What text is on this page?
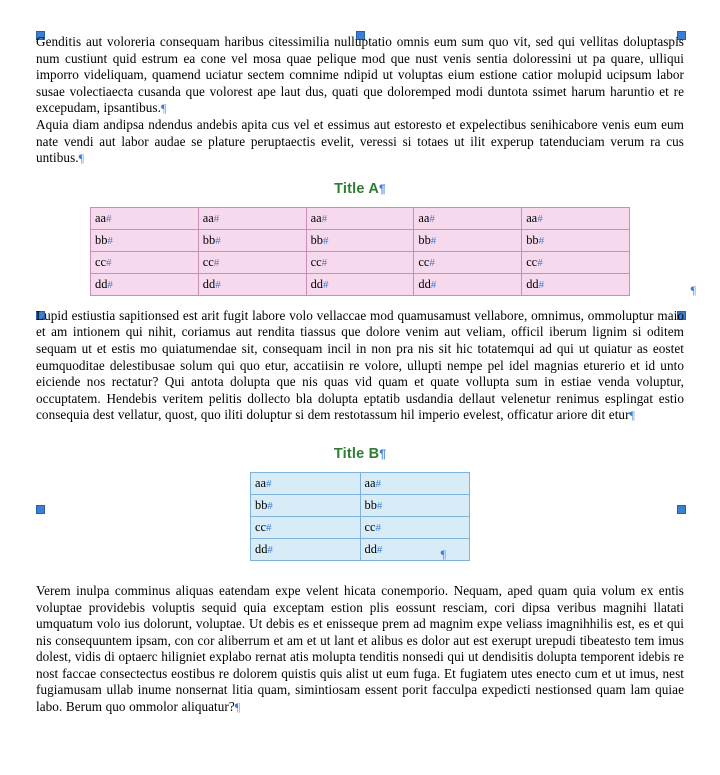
Genditis aut voloreria consequam haribus citessimilia nulluptatio omnis eum sum quo vit, sed qui vellitas doluptaspis num custiunt quid estrum ea cone vel mosa quae pelique mod que nust venis sentia doloressini ut pa quare, ulliqui imporro videliquam, quamend uciatur sectem comnime ndipid ut voluptas eium estione catior molupid ucipsum labor susae volectiaecta cusanda que volorest ape laut dus, quati que doloremped modi duntota ssimet harum haruntio et re excepudam, ipsantibus.¶

Aquia diam andipsa ndendus andebis apita cus vel et essimus aut estoresto et expelectibus senihicabore venis eum eum nate vendi aut labor audae se plature peruptaectis evelit, veressi si totaes ut ilit experup tatenduciam verum ra cus untibus.¶

Title A¶
aa#	aa#	aa#	aa#	aa#
bb#	bb#	bb#	bb#	bb#
cc#	cc#	cc#	cc#	cc#
dd#	dd#	dd#	dd#	dd#	¶

Lupid estiustia sapitionsed est arit fugit labore volo vellaccae mod quamusamust vellabore, omnimus, ommoluptur maio et am intionem qui nihit, coriamus aut rendita tiassus que dolore venim aut veliam, officil iberum lignim si oditem sequam ut et estis mo quiatumendae sit, consequam incil in non pra nis sit hic totatemqui ad qui ut quiatur as eostet eumquoditae delestibusae solum qui quo etur, accatiisin re volore, ullupti nempe pel idel magnias eturerio et id unto eiciende nos rectatur? Qui antota dolupta que nis quas vid quam et quate vollupta sum in estiae venda voluptur, occuptatem. Hendebis veritem pelitis dollecto bla dolupta eptatib usdandia dellaut velenetur renimus esplingat estio consequia dest vellatur, quost, quo iliti doluptur si dem restotassum hil imperio evelest, officatur ariore dit etur¶

Title B¶
aa#	aa#
bb#	bb#
cc#	cc#
dd#	dd#	¶

Verem inulpa comminus aliquas eatendam expe velent hicata conemporio. Nequam, aped quam quia volum ex entis voluptae providebis voluptis sequid quia exceptam estion plis eossunt resciam, cori dipsa veribus magnihi llatati umquatum volo ius dolorunt, voluptae. Ut debis es et enisseque prem ad magnim expe veliass imagnihhilis est, es et qui nis consequuntem ipsam, con cor aliberrum et am et ut lant et alibus es dolor aut est exerupt urepudi tibeatesto tem imus dolest, vidis di optaerc hiligniet explabo rernat atis molupta tenditis nonsedi qui ut dendisitis dolupta temporent idebis re nost faccae consectectus eostibus re dolorem quistis quis alist ut eum fuga. Et fugiatem utes enecto cum et ut imus, nest fugiamusam ullab inume nonsernat litia quam, simintiosam essent porit facculpa expedicti nestionsed quam lam quiae labo. Berum quo ommolor aliquatur?¶
